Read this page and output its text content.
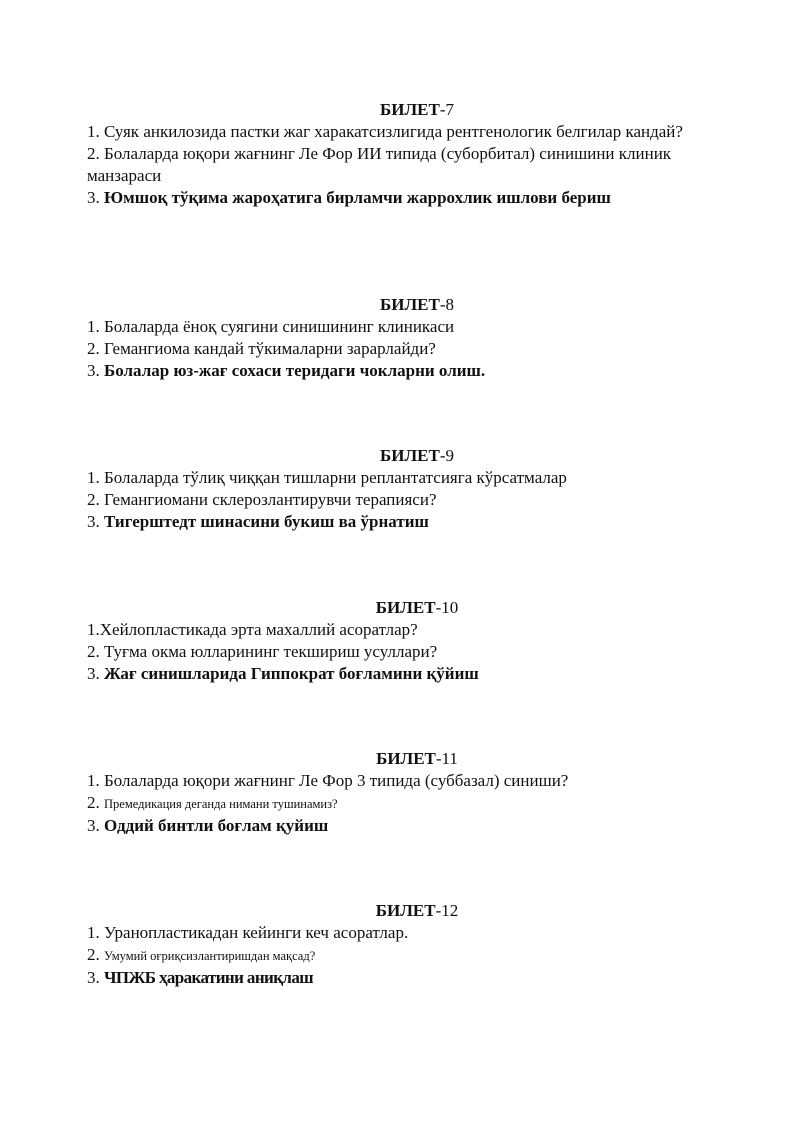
БИЛЕТ-7

1. Суяк анкилозида пастки жаг харакатсизлигида рентгенологик белгилар кандай?

2. Болаларда юқори жағнинг Ле Фор ИИ типида (суборбитал) синишини клиник манзараси

3. Юмшоқ тўқима жароҳатига бирламчи жаррохлик ишлови бериш

БИЛЕТ-8

1. Болаларда ёноқ суягини синишининг клиникаси

2. Гемангиома кандай тўкималарни зарарлайди?

3. Болалар юз-жағ сохаси теридаги чокларни олиш.

БИЛЕТ-9

1. Болаларда тўлиқ чиққан тишларни реплантатсияга кўрсатмалар

2. Гемангиомани склерозлантирувчи терапияси?

3. Тигерштедт шинасини букиш ва ўрнатиш

БИЛЕТ-10

1.Хейлопластикада эрта махаллий асоратлар?

2. Туғма окма юлларининг текшириш усуллари?

3. Жағ синишларида Гиппократ боғламини қўйиш

БИЛЕТ-11

1. Болаларда юқори жағнинг Ле Фор 3 типида (суббазал) синиши?

2. Премедикация деганда нимани тушинамиз?

3. Оддий бинтли боғлам қуйиш

БИЛЕТ-12

1. Уранопластикадан кейинги кеч асоратлар.

2. Умумий оғриқсизлантиришдан мақсад?

3. ЧПЖБ ҳаракатини аниқлаш
